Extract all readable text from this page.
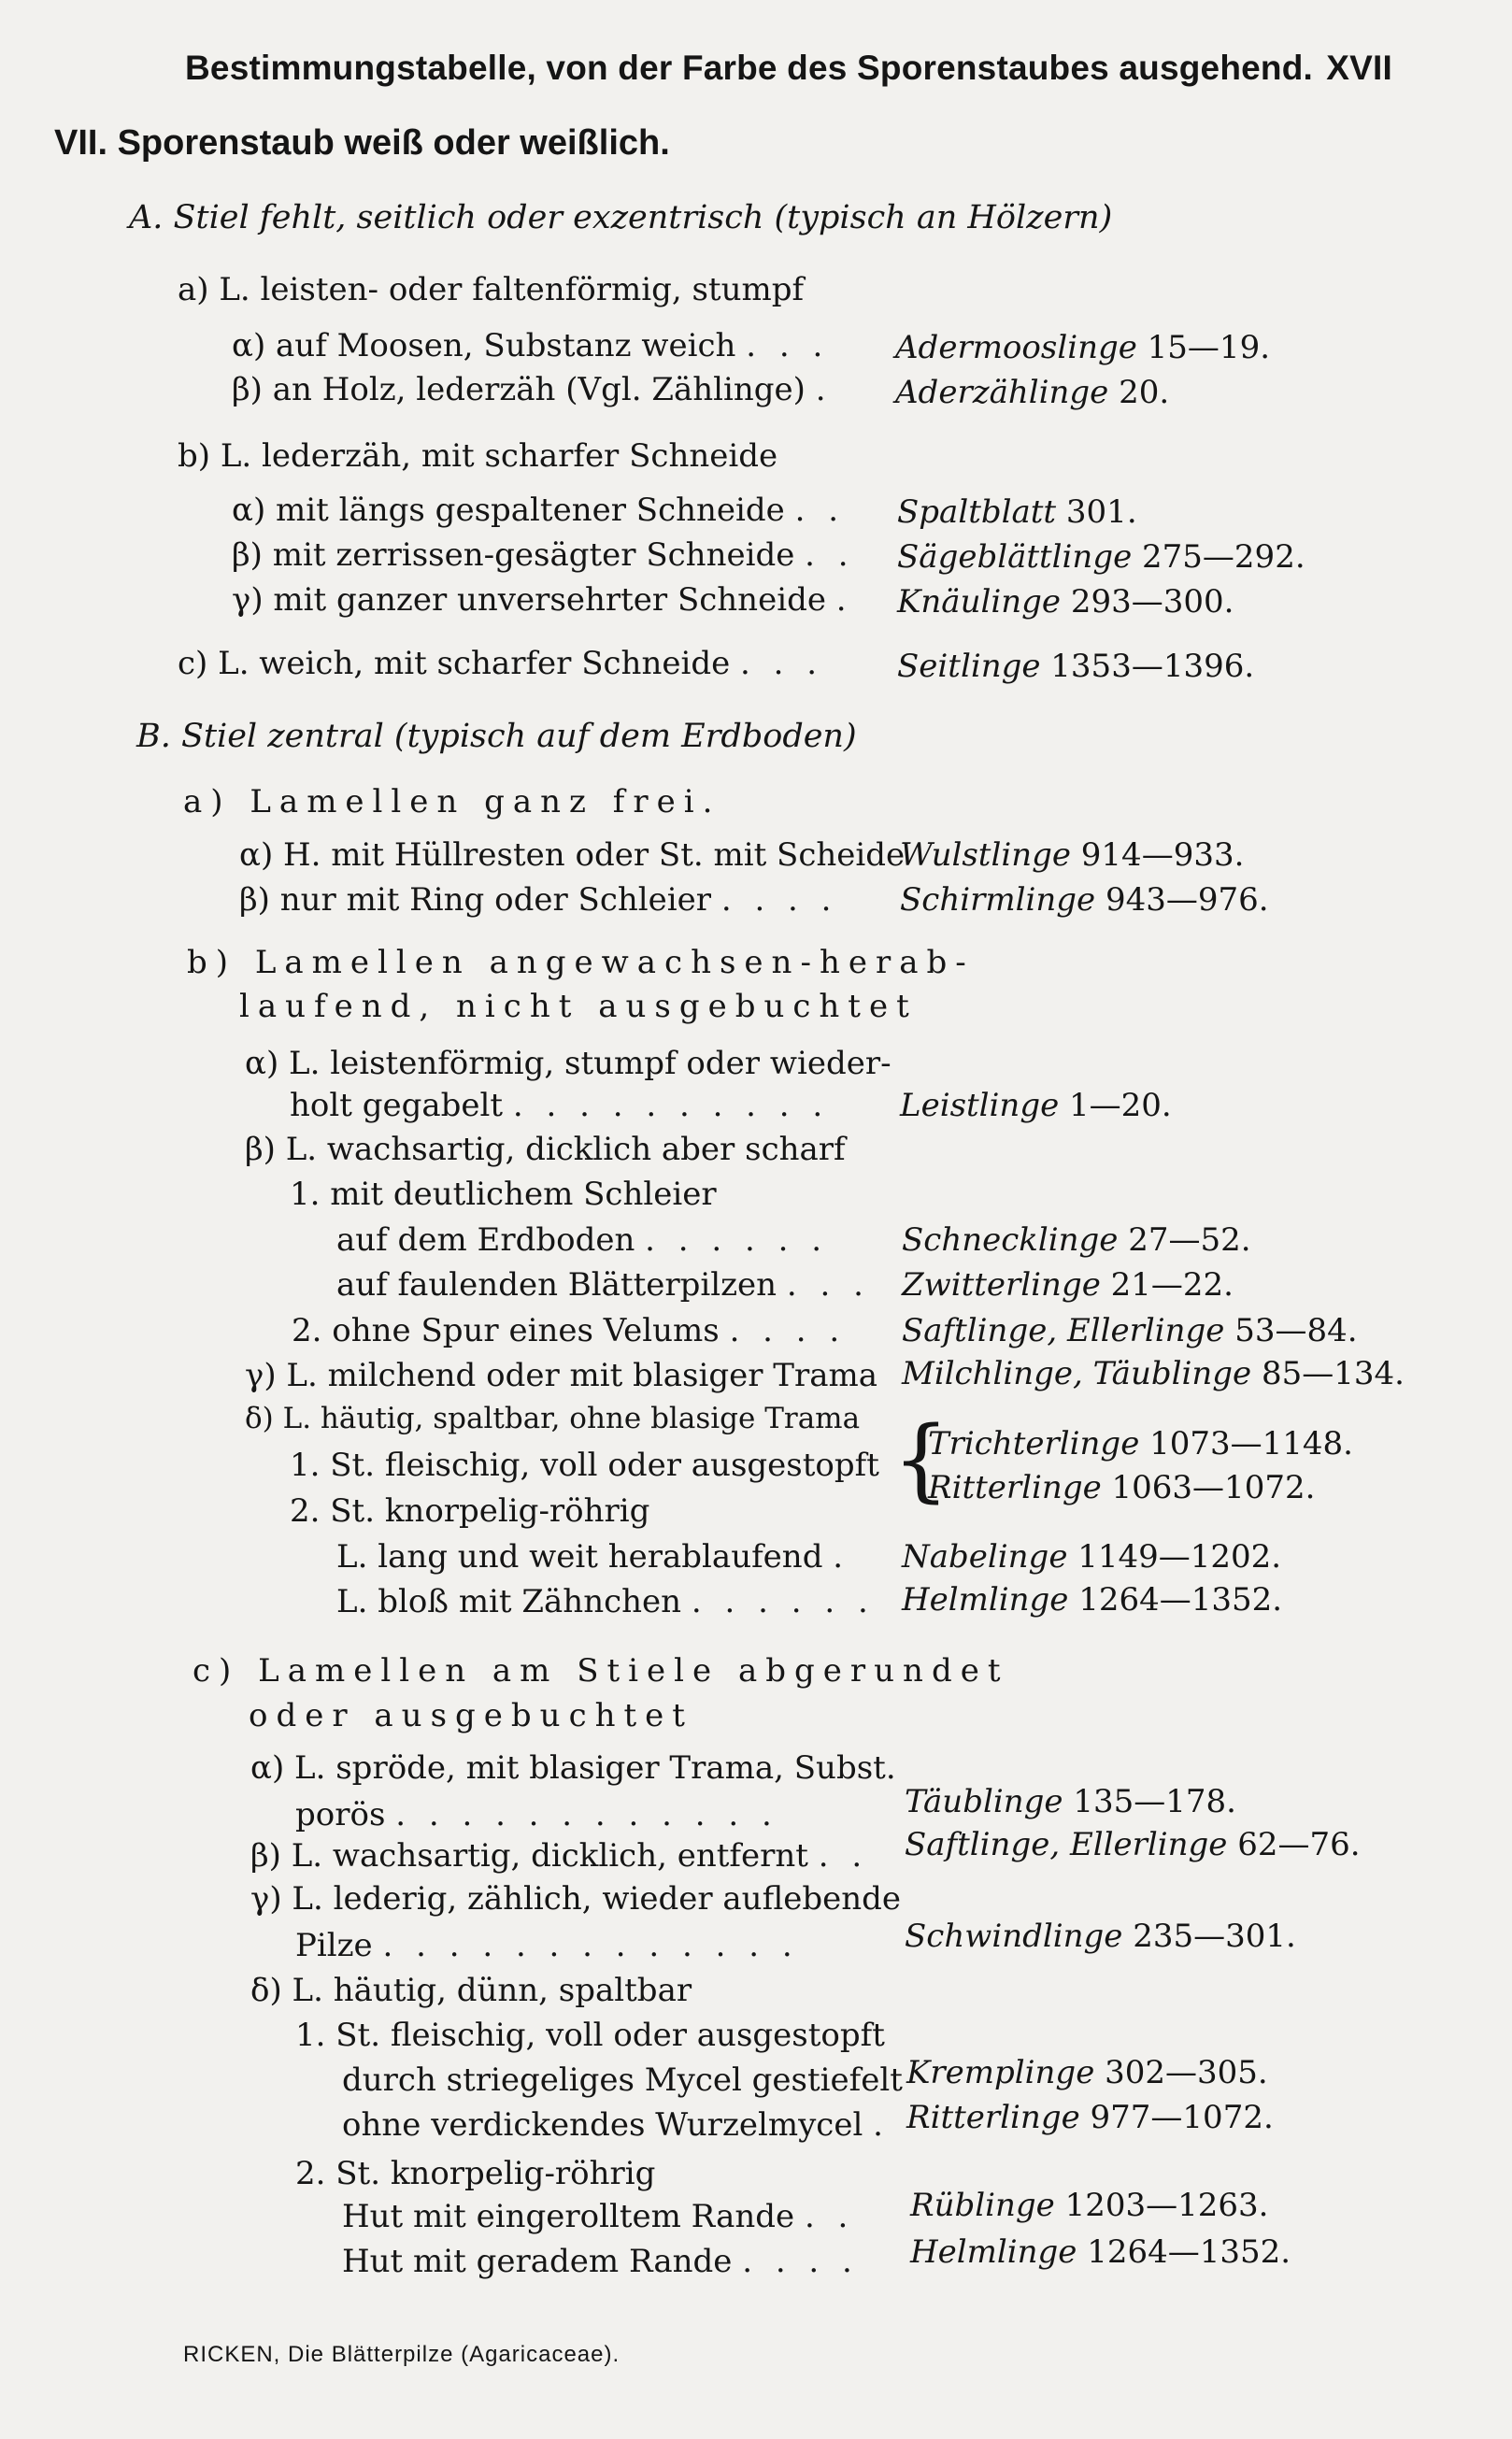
Bestimmungstabelle, von der Farbe des Sporenstaubes ausgehend. XVII
VII. Sporenstaub weiß oder weißlich.
A. Stiel fehlt, seitlich oder exzentrisch (typisch an Hölzern)
a) L. leisten- oder faltenförmig, stumpf
α) auf Moosen, Substanz weich . . . Adermooslinge 15—19.
β) an Holz, lederzäh (Vgl. Zählinge) . Aderzählinge 20.
b) L. lederzäh, mit scharfer Schneide
α) mit längs gespaltener Schneide . . Spaltblatt 301.
β) mit zerrissen-gesägter Schneide . . Sägeblättlinge 275—292.
γ) mit ganzer unversehrter Schneide . Knäulinge 293—300.
c) L. weich, mit scharfer Schneide . . . Seitlinge 1353—1396.
B. Stiel zentral (typisch auf dem Erdboden)
a) Lamellen ganz frei.
α) H. mit Hüllresten oder St. mit Scheide
Wulstlinge 914—933.
β) nur mit Ring oder Schleier . . . . Schirmlinge 943—976.
b) Lamellen angewachsen-herab-
laufend, nicht ausgebuchtet
α) L. leistenförmig, stumpf oder wieder-
holt gegabelt . . . . . . . . . . Leistlinge 1—20.
β) L. wachsartig, dicklich aber scharf
1. mit deutlichem Schleier
auf dem Erdboden . . . . . . Schnecklinge 27—52.
auf faulenden Blätterpilzen . . . Zwitterlinge 21—22.
2. ohne Spur eines Velums . . . . Saftlinge, Ellerlinge 53—84.
γ) L. milchend oder mit blasiger Trama Milchlinge, Täublinge 85—134.
δ) L. häutig, spaltbar, ohne blasige Trama
1. St. fleischig, voll oder ausgestopft {
Trichterlinge 1073—1148.
Ritterlinge 1063—1072.
2. St. knorpelig-röhrig
L. lang und weit herablaufend . Nabelinge 1149—1202.
L. bloß mit Zähnchen . . . . . . Helmlinge 1264—1352.
c) Lamellen am Stiele abgerundet
oder ausgebuchtet
α) L. spröde, mit blasiger Trama, Subst.
porös . . . . . . . . . . . .	Täublinge 135—178.
β) L. wachsartig, dicklich, entfernt . . Saftlinge, Ellerlinge 62—76.
γ) L. lederig, zählich, wieder auflebende
Pilze . . . . . . . . . . . . .	Schwindlinge 235—301.
δ) L. häutig, dünn, spaltbar
1. St. fleischig, voll oder ausgestopft
durch striegeliges Mycel gestiefelt Kremplinge 302—305.
ohne verdickendes Wurzelmycel . Ritterlinge 977—1072.
2. St. knorpelig-röhrig
Hut mit eingerolltem Rande . . Rüblinge 1203—1263.
Hut mit geradem Rande . . . . Helmlinge 1264—1352.
RICKEN, Die Blätterpilze (Agaricaceae).
